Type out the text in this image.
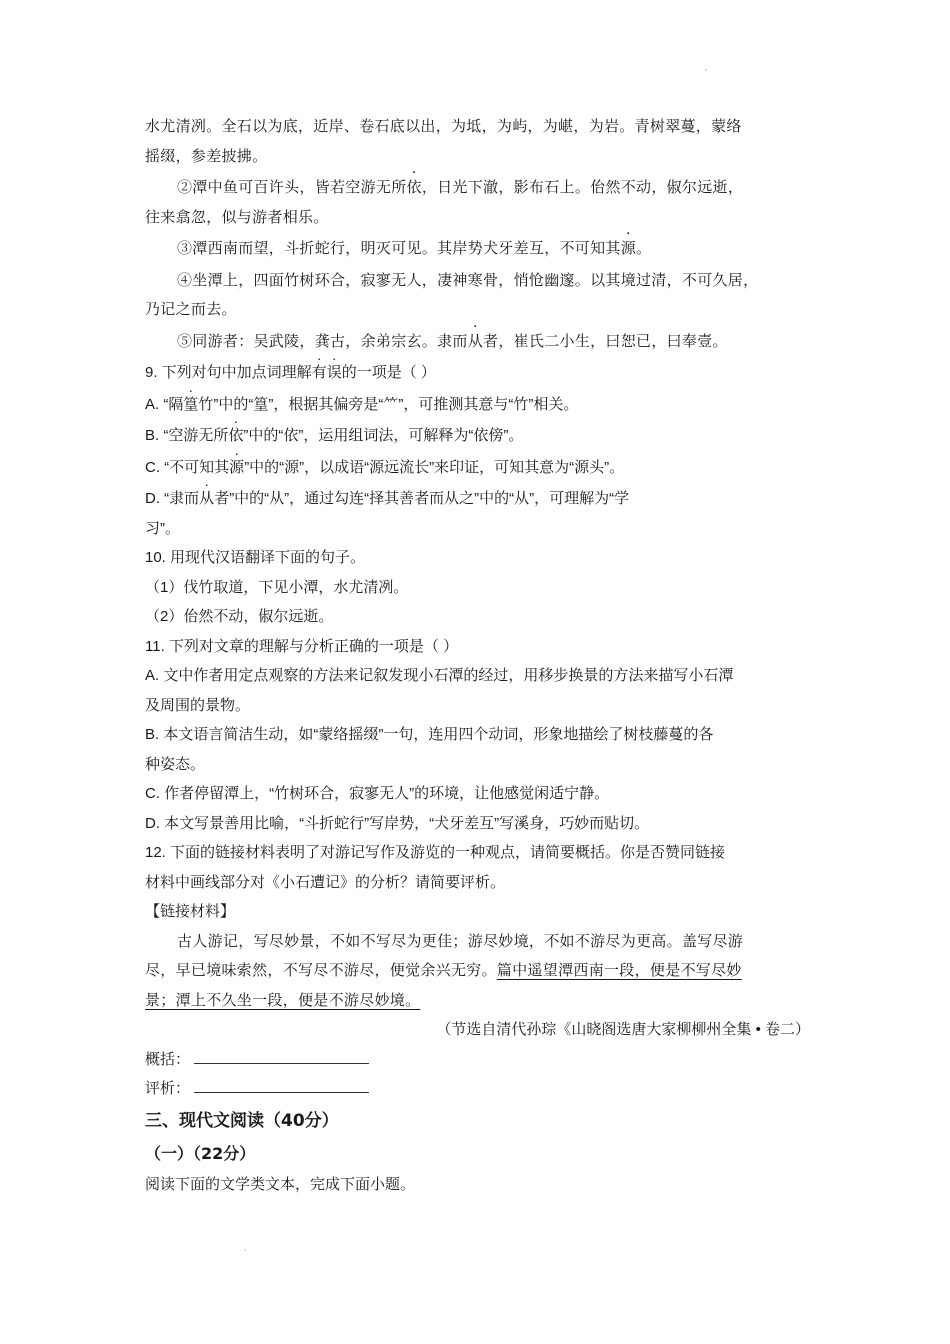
·
·
水尤清冽。全石以为底，近岸、卷石底以出，为坻，为屿，为嵁，为岩。青树翠蔓，蒙络
摇缀，参差披拂。
②潭中鱼可百许头，皆若空游无所依，日光下澈，影布石上。佁然不动，俶尔远逝，
往来翕忽，似与游者相乐。
③潭西南而望，斗折蛇行，明灭可见。其岸势犬牙差互，不可知其源。
④坐潭上，四面竹树环合，寂寥无人，凄神寒骨，悄怆幽邃。以其境过清，不可久居，
乃记之而去。
⑤同游者：吴武陵，龚古，余弟宗玄。隶而从者，崔氏二小生，曰恕已，曰奉壹。
9. 下列对句中加点词理解有误的一项是（ ）
A. “隔篁竹”中的“篁”，根据其偏旁是“⺮”，可推测其意与“竹”相关。
B. “空游无所依”中的“依”，运用组词法，可解释为“依傍”。
C. “不可知其源”中的“源”，以成语“源远流长”来印证，可知其意为“源头”。
D. “隶而从者”中的“从”，通过勾连“择其善者而从之”中的“从”，可理解为“学
习”。
10. 用现代汉语翻译下面的句子。
（1）伐竹取道，下见小潭，水尤清冽。
（2）佁然不动，俶尔远逝。
11. 下列对文章的理解与分析正确的一项是（ ）
A. 文中作者用定点观察的方法来记叙发现小石潭的经过，用移步换景的方法来描写小石潭
及周围的景物。
B. 本文语言简洁生动，如“蒙络摇缀”一句，连用四个动词，形象地描绘了树枝藤蔓的各
种姿态。
C. 作者停留潭上，“竹树环合，寂寥无人”的环境，让他感觉闲适宁静。
D. 本文写景善用比喻，“斗折蛇行”写岸势，“犬牙差互”写溪身，巧妙而贴切。
12. 下面的链接材料表明了对游记写作及游览的一种观点，请简要概括。你是否赞同链接
材料中画线部分对《小石遭记》的分析？请简要评析。
【链接材料】
古人游记，写尽妙景，不如不写尽为更佳；游尽妙境，不如不游尽为更高。盖写尽游
尽，早已境味索然，不写尽不游尽，便觉余兴无穷。篇中遥望潭西南一段，便是不写尽妙
景；潭上不久坐一段，便是不游尽妙境。
（节选自清代孙琮《山晓阁选唐大家柳柳州全集 • 卷二）
概括：
评析：
三、现代文阅读（40分）
（一）（22分）
阅读下面的文学类文本，完成下面小题。
